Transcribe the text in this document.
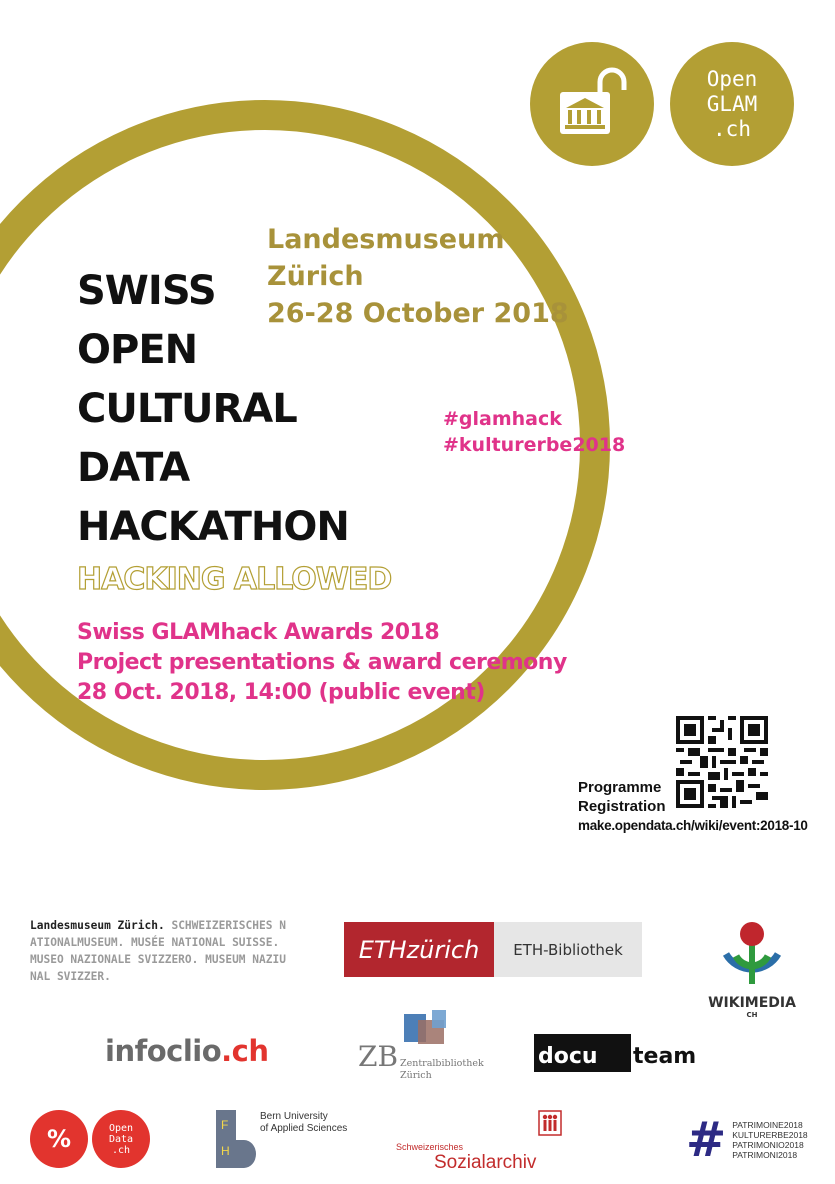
Open
GLAM
.ch
Landesmuseum
Zürich
26-28 October 2018
SWISS
OPEN
CULTURAL
DATA
HACKATHON
HACKING ALLOWED
#glamhack
#kulturerbe2018
Swiss GLAMhack Awards 2018
Project presentations & award ceremony
28 Oct. 2018, 14:00 (public event)
Programme
Registration
make.opendata.ch/wiki/event:2018-10
Landesmuseum Zürich. SCHWEIZERISCHES NATIONALMUSEUM. MUSÉE NATIONAL SUISSE. MUSEO NAZIONALE SVIZZERO. MUSEUM NAZIUNAL SVIZZER.
ETHzürich	ETH-Bibliothek
WIKIMEDIA
CH
infoclio.ch	ZB Zentralbibliothek
Zürich
docu	team
%	Open
Data
.ch
F
H
Bern University
of Applied Sciences
Schweizerisches
Sozialarchiv	# PATRIMOINE2018
KULTURERBE2018
PATRIMONIO2018
PATRIMONI2018
